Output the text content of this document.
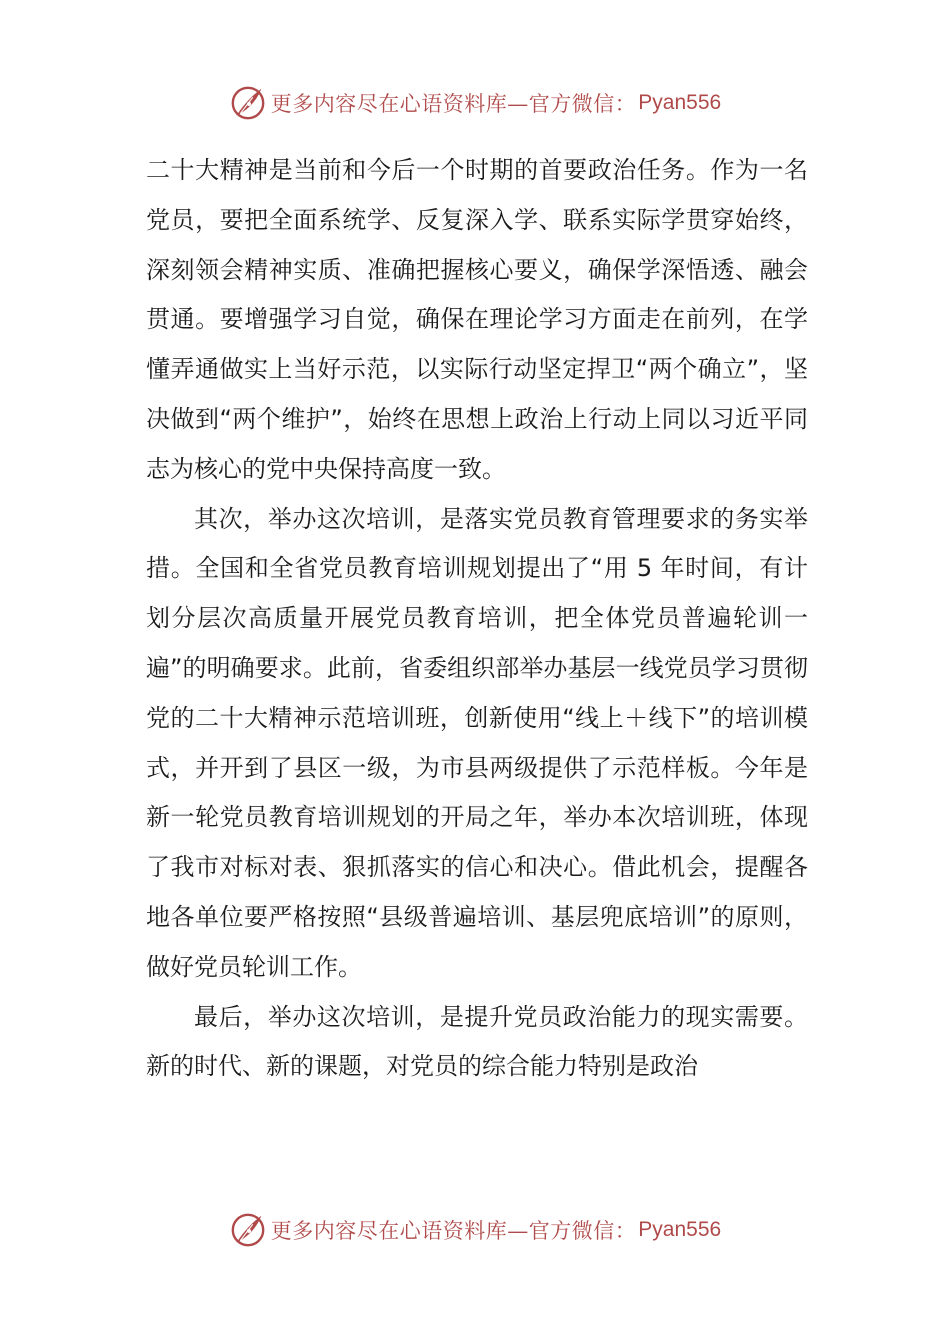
更多内容尽在心语资料库—官方微信： Pyan556

二十大精神是当前和今后一个时期的首要政治任务。作为一名党员，要把全面系统学、反复深入学、联系实际学贯穿始终，深刻领会精神实质、准确把握核心要义，确保学深悟透、融会贯通。要增强学习自觉，确保在理论学习方面走在前列，在学懂弄通做实上当好示范，以实际行动坚定捍卫“两个确立”，坚决做到“两个维护”，始终在思想上政治上行动上同以习近平同志为核心的党中央保持高度一致。

其次，举办这次培训，是落实党员教育管理要求的务实举措。全国和全省党员教育培训规划提出了“用 5 年时间，有计划分层次高质量开展党员教育培训，把全体党员普遍轮训一遍”的明确要求。此前，省委组织部举办基层一线党员学习贯彻党的二十大精神示范培训班，创新使用“线上＋线下”的培训模式，并开到了县区一级，为市县两级提供了示范样板。今年是新一轮党员教育培训规划的开局之年，举办本次培训班，体现了我市对标对表、狠抓落实的信心和决心。借此机会，提醒各地各单位要严格按照“县级普遍培训、基层兜底培训”的原则，做好党员轮训工作。

最后，举办这次培训，是提升党员政治能力的现实需要。新的时代、新的课题，对党员的综合能力特别是政治

更多内容尽在心语资料库—官方微信： Pyan556
